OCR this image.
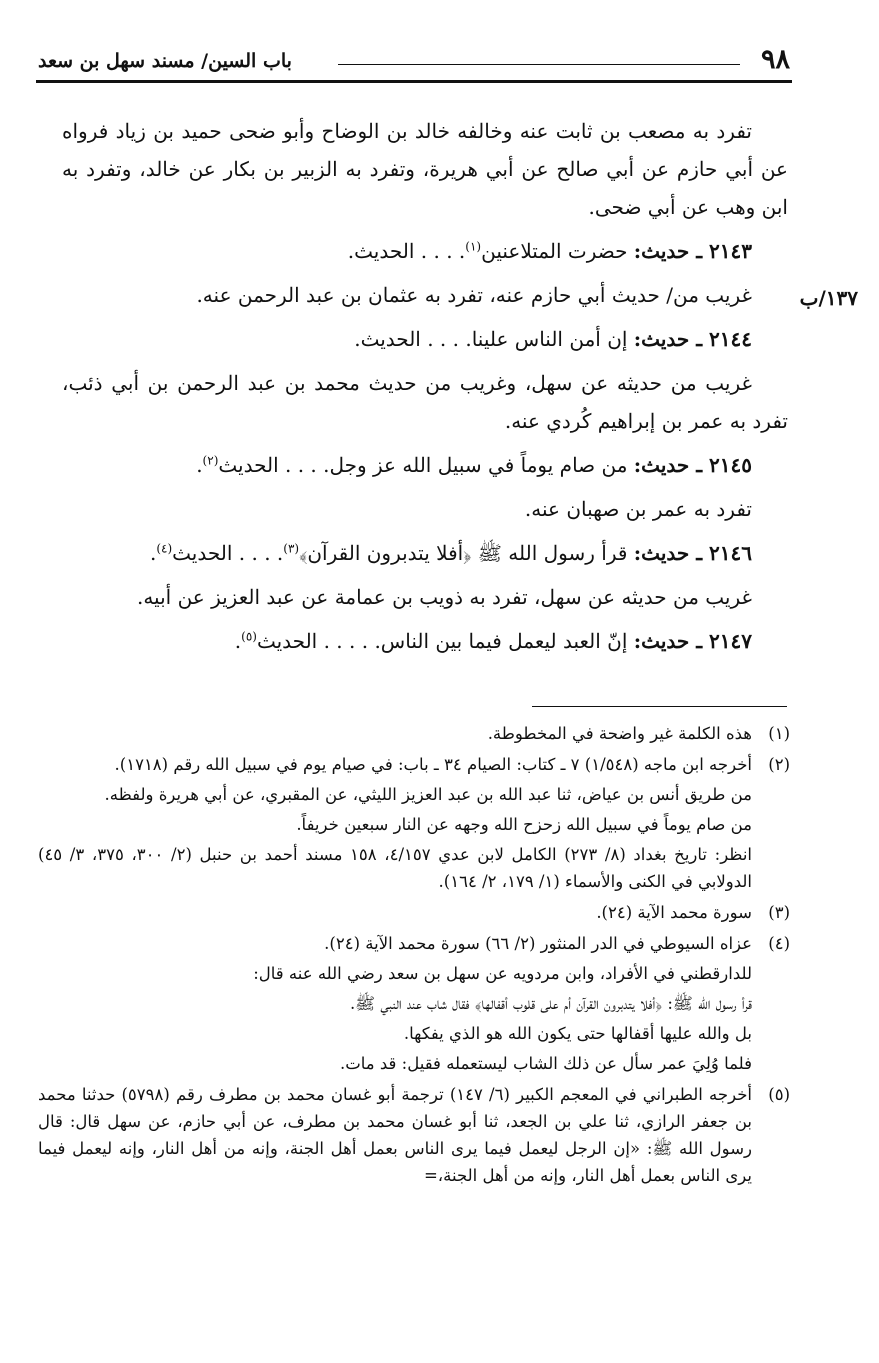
٩٨
باب السين/ مسند سهل بن سعد
١٣٧/ب

تفرد به مصعب بن ثابت عنه وخالفه خالد بن الوضاح وأبو ضحى حميد بن زياد فرواه عن أبي حازم عن أبي صالح عن أبي هريرة، وتفرد به الزبير بن بكار عن خالد، وتفرد به ابن وهب عن أبي ضحى.

٢١٤٣ ـ حديث: حضرت المتلاعنين$^{(١)}$. . . . الحديث.

غريب من/ حديث أبي حازم عنه، تفرد به عثمان بن عبد الرحمن عنه.

٢١٤٤ ـ حديث: إن أمن الناس علينا. . . . الحديث.

غريب من حديثه عن سهل، وغريب من حديث محمد بن عبد الرحمن بن أبي ذئب، تفرد به عمر بن إبراهيم كُردي عنه.

٢١٤٥ ـ حديث: من صام يوماً في سبيل الله عز وجل. . . . الحديث$^{(٢)}$.

تفرد به عمر بن صهبان عنه.

٢١٤٦ ـ حديث: قرأ رسول الله ﷺ ﴿أفلا يتدبرون القرآن﴾$^{(٣)}$. . . . الحديث$^{(٤)}$.

غريب من حديثه عن سهل، تفرد به ذويب بن عمامة عن عبد العزيز عن أبيه.

٢١٤٧ ـ حديث: إنّ العبد ليعمل فيما بين الناس. . . . . الحديث$^{(٥)}$.

(١)

هذه الكلمة غير واضحة في المخطوطة.

(٢)

أخرجه ابن ماجه (١/٥٤٨) ٧ ـ كتاب: الصيام ٣٤ ـ باب: في صيام يوم في سبيل الله رقم (١٧١٨).

من طريق أنس بن عياض، ثنا عبد الله بن عبد العزيز الليثي، عن المقبري، عن أبي هريرة ولفظه.

من صام يوماً في سبيل الله زحزح الله وجهه عن النار سبعين خريفاً.

انظر: تاريخ بغداد (٨/ ٢٧٣) الكامل لابن عدي ٤/١٥٧، ١٥٨ مسند أحمد بن حنبل (٢/ ٣٠٠، ٣٧٥، ٣/ ٤٥) الدولابي في الكنى والأسماء (١/ ١٧٩، ٢/ ١٦٤).

(٣)

سورة محمد الآية (٢٤).

(٤)

عزاه السيوطي في الدر المنثور (٢/ ٦٦) سورة محمد الآية (٢٤).

للدارقطني في الأفراد، وابن مردويه عن سهل بن سعد رضي الله عنه قال:

قرأ رسول الله ﷺ: ﴿أفلا يتدبرون القرآن أم على قلوب أقفالها﴾ فقال شاب عند النبي ﷺ.

بل والله عليها أقفالها حتى يكون الله هو الذي يفكها.

فلما وُلِيَ عمر سأل عن ذلك الشاب ليستعمله فقيل: قد مات.

(٥)

أخرجه الطبراني في المعجم الكبير (٦/ ١٤٧) ترجمة أبو غسان محمد بن مطرف رقم (٥٧٩٨) حدثنا محمد بن جعفر الرازي، ثنا علي بن الجعد، ثنا أبو غسان محمد بن مطرف، عن أبي حازم، عن سهل قال: قال رسول الله ﷺ: «إن الرجل ليعمل فيما يرى الناس بعمل أهل الجنة، وإنه من أهل النار، وإنه ليعمل فيما يرى الناس بعمل أهل النار، وإنه من أهل الجنة،=
